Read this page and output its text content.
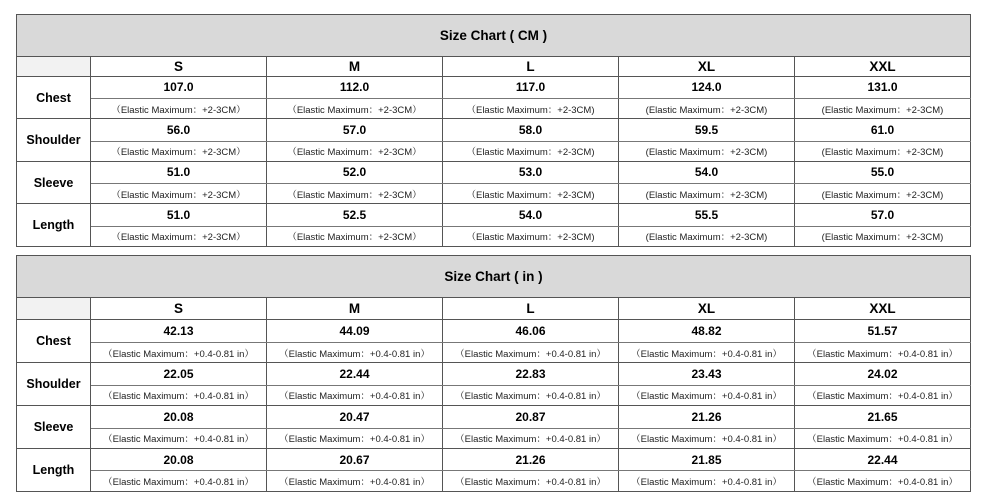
Size Chart ( CM )					
	S	M	L	XL	XXL
Chest	107.0	112.0	117.0	124.0	131.0
	（Elastic Maximum：+2-3CM）	（Elastic Maximum：+2-3CM）	（Elastic Maximum：+2-3CM)	(Elastic Maximum：+2-3CM)	(Elastic Maximum：+2-3CM)
Shoulder	56.0	57.0	58.0	59.5	61.0
	（Elastic Maximum：+2-3CM）	（Elastic Maximum：+2-3CM）	（Elastic Maximum：+2-3CM)	(Elastic Maximum：+2-3CM)	(Elastic Maximum：+2-3CM)
Sleeve	51.0	52.0	53.0	54.0	55.0
	（Elastic Maximum：+2-3CM）	（Elastic Maximum：+2-3CM）	（Elastic Maximum：+2-3CM)	(Elastic Maximum：+2-3CM)	(Elastic Maximum：+2-3CM)
Length	51.0	52.5	54.0	55.5	57.0
	（Elastic Maximum：+2-3CM）	（Elastic Maximum：+2-3CM）	（Elastic Maximum：+2-3CM)	(Elastic Maximum：+2-3CM)	(Elastic Maximum：+2-3CM)
Size Chart ( in )					
	S	M	L	XL	XXL
Chest	42.13	44.09	46.06	48.82	51.57
	（Elastic Maximum：+0.4-0.81 in）	（Elastic Maximum：+0.4-0.81 in）	（Elastic Maximum：+0.4-0.81 in）	（Elastic Maximum：+0.4-0.81 in）	（Elastic Maximum：+0.4-0.81 in）
Shoulder	22.05	22.44	22.83	23.43	24.02
	（Elastic Maximum：+0.4-0.81 in）	（Elastic Maximum：+0.4-0.81 in）	（Elastic Maximum：+0.4-0.81 in）	（Elastic Maximum：+0.4-0.81 in）	（Elastic Maximum：+0.4-0.81 in）
Sleeve	20.08	20.47	20.87	21.26	21.65
	（Elastic Maximum：+0.4-0.81 in）	（Elastic Maximum：+0.4-0.81 in）	（Elastic Maximum：+0.4-0.81 in）	（Elastic Maximum：+0.4-0.81 in）	（Elastic Maximum：+0.4-0.81 in）
Length	20.08	20.67	21.26	21.85	22.44
	（Elastic Maximum：+0.4-0.81 in）	（Elastic Maximum：+0.4-0.81 in）	（Elastic Maximum：+0.4-0.81 in）	（Elastic Maximum：+0.4-0.81 in）	（Elastic Maximum：+0.4-0.81 in）
